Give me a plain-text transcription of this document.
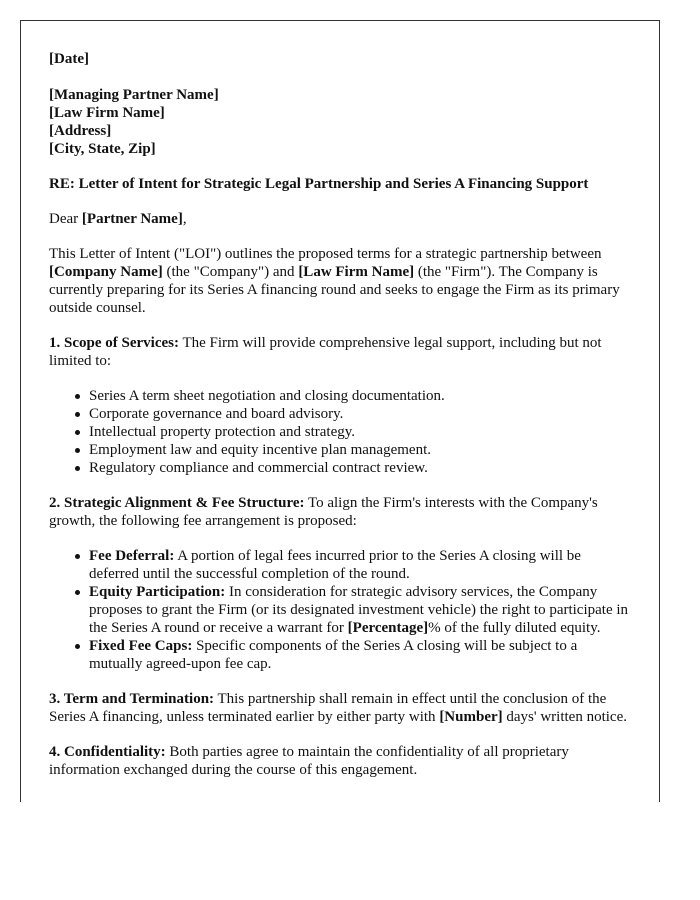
[Date]
[Managing Partner Name]
[Law Firm Name]
[Address]
[City, State, Zip]

RE: Letter of Intent for Strategic Legal Partnership and Series A Financing Support

Dear [Partner Name],

This Letter of Intent ("LOI") outlines the proposed terms for a strategic partnership between [Company Name] (the "Company") and [Law Firm Name] (the "Firm"). The Company is currently preparing for its Series A financing round and seeks to engage the Firm as its primary outside counsel.

1. Scope of Services: The Firm will provide comprehensive legal support, including but not limited to:

Series A term sheet negotiation and closing documentation.
Corporate governance and board advisory.
Intellectual property protection and strategy.
Employment law and equity incentive plan management.
Regulatory compliance and commercial contract review.

2. Strategic Alignment & Fee Structure: To align the Firm's interests with the Company's growth, the following fee arrangement is proposed:

Fee Deferral: A portion of legal fees incurred prior to the Series A closing will be deferred until the successful completion of the round.
Equity Participation: In consideration for strategic advisory services, the Company proposes to grant the Firm (or its designated investment vehicle) the right to participate in the Series A round or receive a warrant for [Percentage]% of the fully diluted equity.
Fixed Fee Caps: Specific components of the Series A closing will be subject to a mutually agreed-upon fee cap.

3. Term and Termination: This partnership shall remain in effect until the conclusion of the Series A financing, unless terminated earlier by either party with [Number] days' written notice.

4. Confidentiality: Both parties agree to maintain the confidentiality of all proprietary information exchanged during the course of this engagement.
